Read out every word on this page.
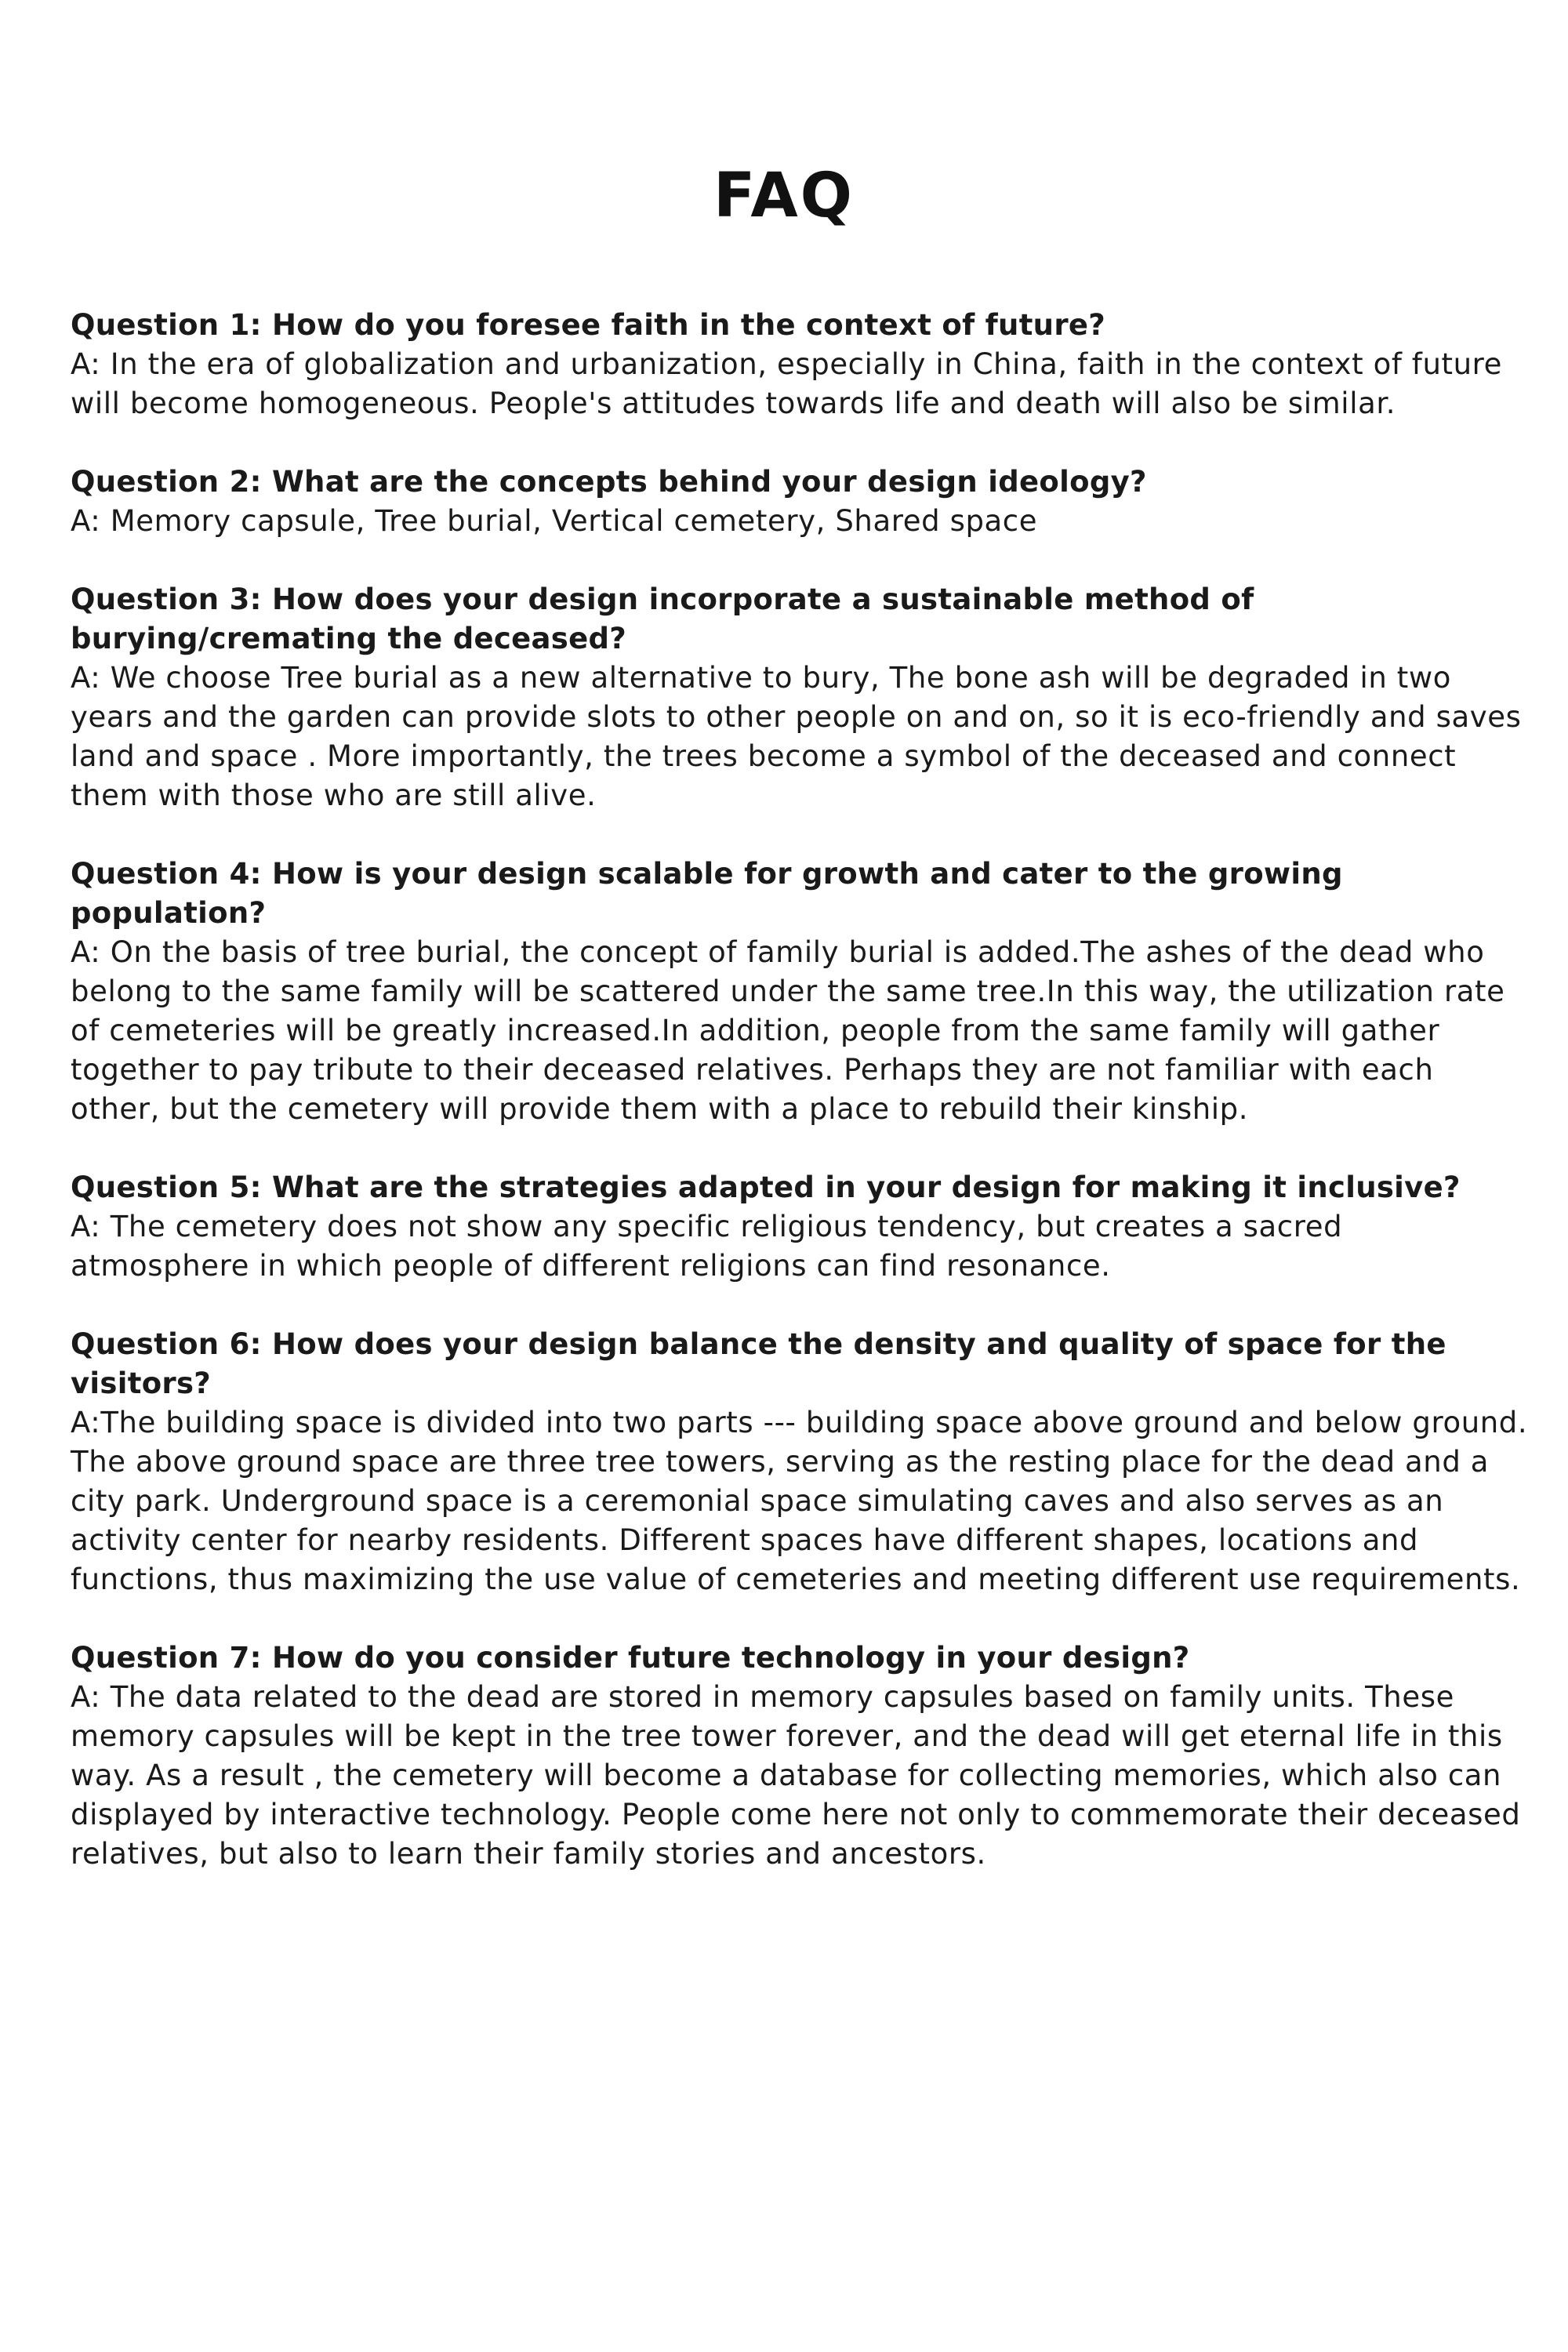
FAQ

Question 1: How do you foresee faith in the context of future?

A: In the era of globalization and urbanization, especially in China, faith in the context of future will become homogeneous. People's attitudes towards life and death will also be similar.

Question 2: What are the concepts behind your design ideology?

A: Memory capsule, Tree burial, Vertical cemetery, Shared space

Question 3: How does your design incorporate a sustainable method of burying/cremating the deceased?

A: We choose Tree burial as a new alternative to bury, The bone ash will be degraded in two years and the garden can provide slots to other people on and on, so it is eco-friendly and saves land and space . More importantly, the trees become a symbol of the deceased and connect them with those who are still alive.

Question 4: How is your design scalable for growth and cater to the growing population?

A: On the basis of tree burial, the concept of family burial is added.The ashes of the dead who belong to the same family will be scattered under the same tree.In this way, the utilization rate of cemeteries will be greatly increased.In addition, people from the same family will gather together to pay tribute to their deceased relatives. Perhaps they are not familiar with each other, but the cemetery will provide them with a place to rebuild their kinship.

Question 5: What are the strategies adapted in your design for making it inclusive?

A: The cemetery does not show any specific religious tendency, but creates a sacred atmosphere in which people of different religions can find resonance.

Question 6: How does your design balance the density and quality of space for the visitors?

A:The building space is divided into two parts --- building space above ground and below ground. The above ground space are three tree towers, serving as the resting place for the dead and a city park. Underground space is a ceremonial space simulating caves and also serves as an activity center for nearby residents. Different spaces have different shapes, locations and functions, thus maximizing the use value of cemeteries and meeting different use requirements.

Question 7: How do you consider future technology in your design?

A: The data related to the dead are stored in memory capsules based on family units. These memory capsules will be kept in the tree tower forever, and the dead will get eternal life in this way. As a result , the cemetery will become a database for collecting memories, which also can displayed by interactive technology. People come here not only to commemorate their deceased relatives, but also to learn their family stories and ancestors.
